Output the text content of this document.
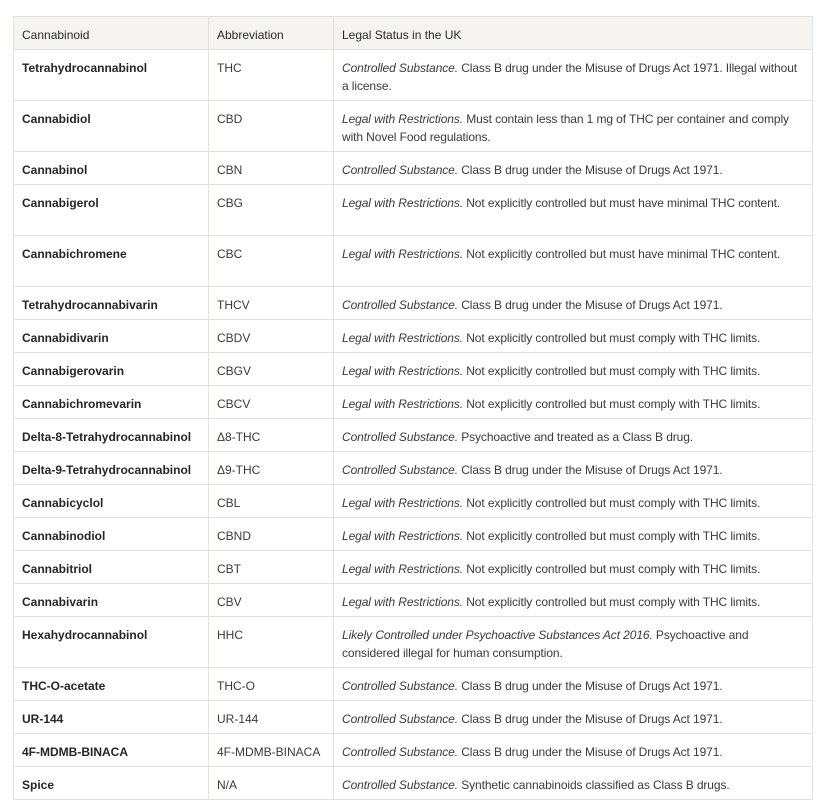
Cannabinoid	Abbreviation	Legal Status in the UK
Tetrahydrocannabinol	THC	Controlled Substance. Class B drug under the Misuse of Drugs Act 1971. Illegal without a license.
Cannabidiol	CBD	Legal with Restrictions. Must contain less than 1 mg of THC per container and comply with Novel Food regulations.
Cannabinol	CBN	Controlled Substance. Class B drug under the Misuse of Drugs Act 1971.
Cannabigerol	CBG	Legal with Restrictions. Not explicitly controlled but must have minimal THC content.
Cannabichromene	CBC	Legal with Restrictions. Not explicitly controlled but must have minimal THC content.
Tetrahydrocannabivarin	THCV	Controlled Substance. Class B drug under the Misuse of Drugs Act 1971.
Cannabidivarin	CBDV	Legal with Restrictions. Not explicitly controlled but must comply with THC limits.
Cannabigerovarin	CBGV	Legal with Restrictions. Not explicitly controlled but must comply with THC limits.
Cannabichromevarin	CBCV	Legal with Restrictions. Not explicitly controlled but must comply with THC limits.
Delta-8-Tetrahydrocannabinol	Δ8-THC	Controlled Substance. Psychoactive and treated as a Class B drug.
Delta-9-Tetrahydrocannabinol	Δ9-THC	Controlled Substance. Class B drug under the Misuse of Drugs Act 1971.
Cannabicyclol	CBL	Legal with Restrictions. Not explicitly controlled but must comply with THC limits.
Cannabinodiol	CBND	Legal with Restrictions. Not explicitly controlled but must comply with THC limits.
Cannabitriol	CBT	Legal with Restrictions. Not explicitly controlled but must comply with THC limits.
Cannabivarin	CBV	Legal with Restrictions. Not explicitly controlled but must comply with THC limits.
Hexahydrocannabinol	HHC	Likely Controlled under Psychoactive Substances Act 2016. Psychoactive and considered illegal for human consumption.
THC-O-acetate	THC-O	Controlled Substance. Class B drug under the Misuse of Drugs Act 1971.
UR-144	UR-144	Controlled Substance. Class B drug under the Misuse of Drugs Act 1971.
4F-MDMB-BINACA	4F-MDMB-BINACA	Controlled Substance. Class B drug under the Misuse of Drugs Act 1971.
Spice	N/A	Controlled Substance. Synthetic cannabinoids classified as Class B drugs.
